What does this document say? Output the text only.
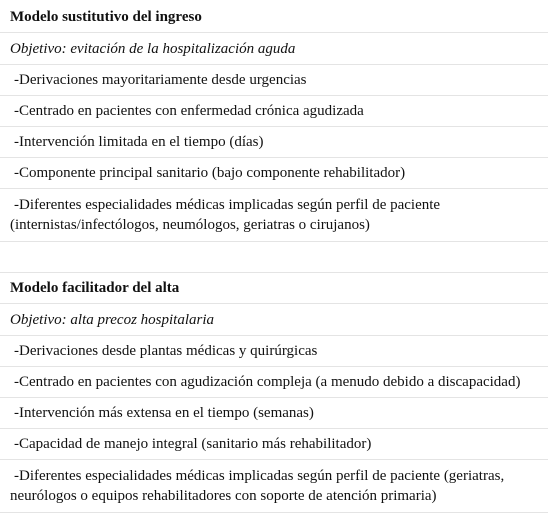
Modelo sustitutivo del ingreso
Objetivo: evitación de la hospitalización aguda
-Derivaciones mayoritariamente desde urgencias
-Centrado en pacientes con enfermedad crónica agudizada
-Intervención limitada en el tiempo (días)
-Componente principal sanitario (bajo componente rehabilitador)
-Diferentes especialidades médicas implicadas según perfil de paciente
(internistas/infectólogos, neumólogos, geriatras o cirujanos)

Modelo facilitador del alta
Objetivo: alta precoz hospitalaria
-Derivaciones desde plantas médicas y quirúrgicas
-Centrado en pacientes con agudización compleja (a menudo debido a discapacidad)
-Intervención más extensa en el tiempo (semanas)
-Capacidad de manejo integral (sanitario más rehabilitador)
-Diferentes especialidades médicas implicadas según perfil de paciente (geriatras,
neurólogos o equipos rehabilitadores con soporte de atención primaria)
